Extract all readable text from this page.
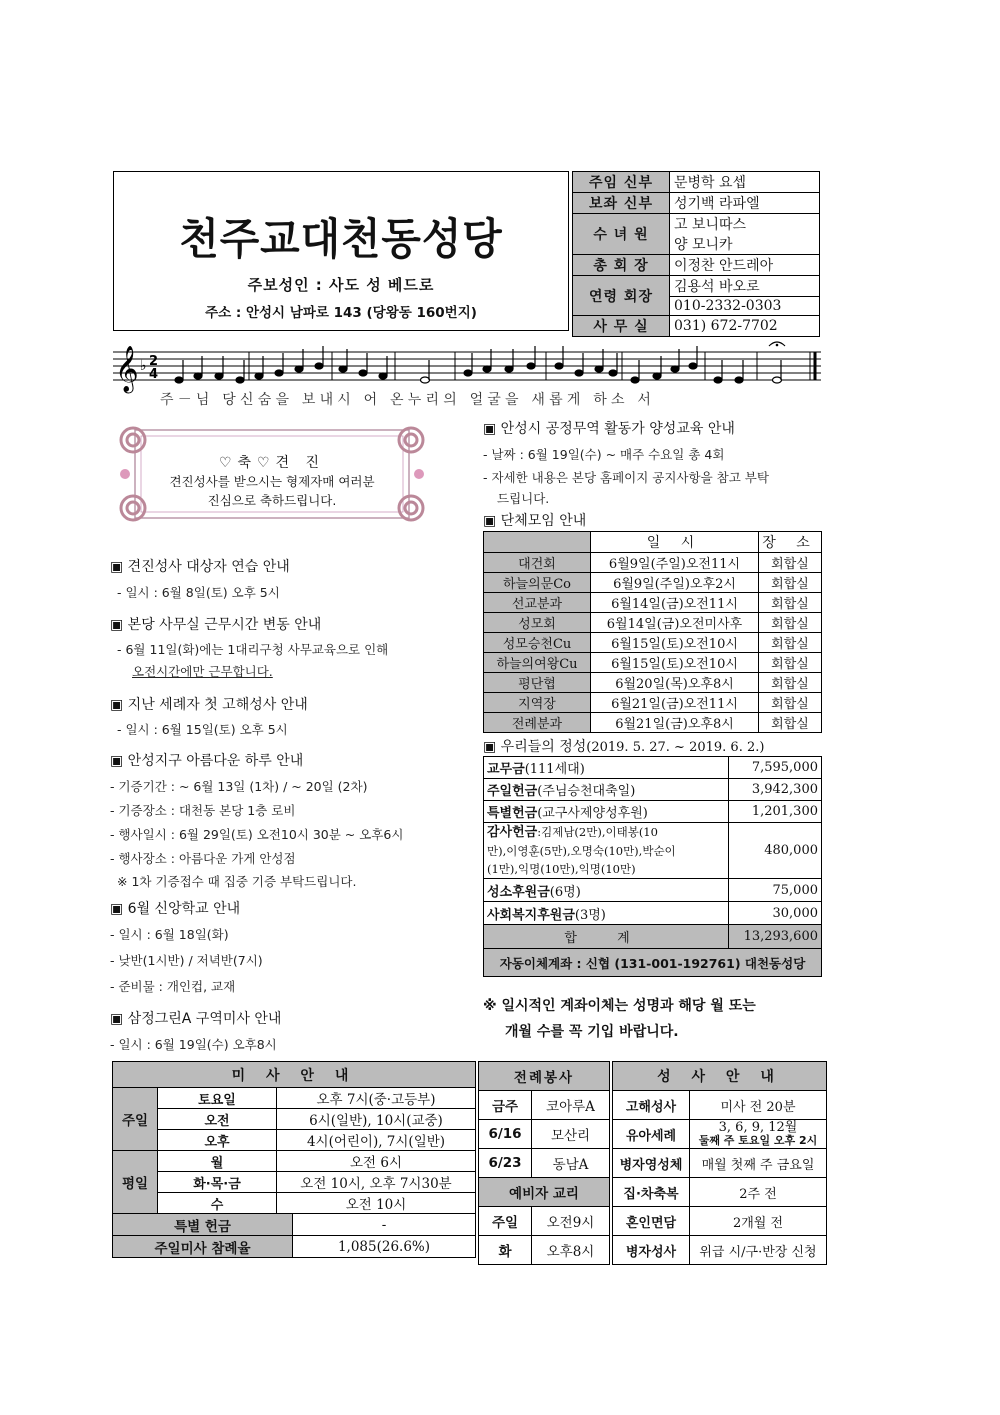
천주교대천동성당
주보성인 : 사도 성 베드로
주소 : 안성시 남파로 143 (당왕동 160번지)
주임 신부	문병학 요셉
보좌 신부	성기백 라파엘
수 녀 원	고 보니따스
	양 모니카
총 회 장	이정찬 안드레아
연령 회장	김용석 바오로
	010-2332-0303
사 무 실	031) 672-7702
𝄞 ♭ 2
4
주－님 당신숨을 보내시 어 온누리의 얼굴을 새롭게 하소 서
♡축♡견 진
견진성사를 받으시는 형제자매 여러분
진심으로 축하드립니다.
▣ 견진성사 대상자 연습 안내
- 일시 : 6월 8일(토) 오후 5시
▣ 본당 사무실 근무시간 변동 안내
- 6월 11일(화)에는 1대리구청 사무교육으로 인해
오전시간에만 근무합니다.
▣ 지난 세례자 첫 고해성사 안내
- 일시 : 6월 15일(토) 오후 5시
▣ 안성지구 아름다운 하루 안내
- 기증기간 : ~ 6월 13일 (1차) / ~ 20일 (2차)
- 기증장소 : 대천동 본당 1층 로비
- 행사일시 : 6월 29일(토) 오전10시 30분 ~ 오후6시
- 행사장소 : 아름다운 가게 안성점
※ 1차 기증접수 때 집중 기증 부탁드립니다.
▣ 6월 신앙학교 안내
- 일시 : 6월 18일(화)
- 낮반(1시반) / 저녁반(7시)
- 준비물 : 개인컵, 교재
▣ 삼정그린A 구역미사 안내
- 일시 : 6월 19일(수) 오후8시
▣ 안성시 공정무역 활동가 양성교육 안내
- 날짜 : 6월 19일(수) ~ 매주 수요일 총 4회
- 자세한 내용은 본당 홈페이지 공지사항을 참고 부탁
드립니다.
▣ 단체모임 안내
	일 시	장 소
대건회	6월9일(주일)오전11시	회합실
하늘의문Co	6월9일(주일)오후2시	회합실
선교분과	6월14일(금)오전11시	회합실
성모회	6월14일(금)오전미사후	회합실
성모승천Cu	6월15일(토)오전10시	회합실
하늘의여왕Cu	6월15일(토)오전10시	회합실
평단협	6월20일(목)오후8시	회합실
지역장	6월21일(금)오전11시	회합실
전례분과	6월21일(금)오후8시	회합실
▣ 우리들의 정성(2019. 5. 27. ~ 2019. 6. 2.)
교무금(111세대)	7,595,000
주일헌금(주님승천대축일)	3,942,300
특별헌금(교구사제양성후원)	1,201,300
감사헌금:김제남(2만),이태봉(10
만),이영훈(5만),오명숙(10만),박순이
(1만),익명(10만),익명(10만)	480,000
성소후원금(6명)	75,000
사회복지후원금(3명)	30,000
합 계	13,293,600
자동이체계좌 : 신협 (131-001-192761) 대천동성당	
※ 일시적인 계좌이체는 성명과 해당 월 또는
개월 수를 꼭 기입 바랍니다.
미 사 안 내			
주일	토요일	오후 7시(중·고등부)	
	오전	6시(일반), 10시(교중)	
	오후	4시(어린이), 7시(일반)	
평일	월	오전 6시	
	화·목·금	오전 10시, 오후 7시30분	
	수	오전 10시	
특별 헌금			-
주일미사 참례율			1,085(26.6%)
전례봉사	
금주	코아루A
6/16	모산리
6/23	동남A
예비자 교리	
주일	오전9시
화	오후8시
성 사 안 내	
고해성사	미사 전 20분
유아세례	3, 6, 9, 12월
둘째 주 토요일 오후 2시

병자영성체	매월 첫째 주 금요일
집·차축복	2주 전
혼인면담	2개월 전
병자성사	위급 시/구·반장 신청
